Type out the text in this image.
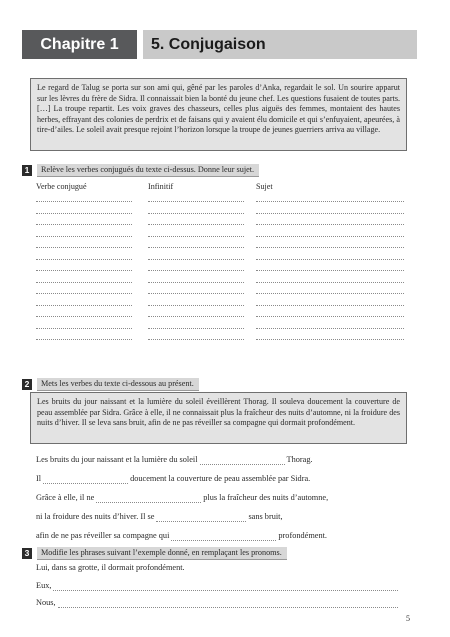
Chapitre 1	5. Conjugaison

Le regard de Talug se porta sur son ami qui, gêné par les paroles d’Anka, regardait le sol. Un sourire apparut sur les lèvres du frère de Sidra. Il connaissait bien la bonté du jeune chef. Les questions fusaient de toutes parts. […] La troupe repartit. Les voix graves des chasseurs, celles plus aiguës des femmes, montaient des hautes herbes, effrayant des colonies de perdrix et de faisans qui y avaient élu domicile et qui s’enfuyaient, apeurées, à tire-d’ailes. Le soleil avait presque rejoint l’horizon lorsque la troupe de jeunes guerriers arriva au village.

1	Relève les verbes conjugués du texte ci-dessus. Donne leur sujet.
Verbe conjugué	Infinitif	Sujet
2	Mets les verbes du texte ci-dessous au présent.

Les bruits du jour naissant et la lumière du soleil éveillèrent Thorag. Il souleva doucement la couverture de peau assemblée par Sidra. Grâce à elle, il ne connaissait plus la fraîcheur des nuits d’automne, ni la froidure des nuits d’hiver. Il se leva sans bruit, afin de ne pas réveiller sa compagne qui dormait profondément.

Les bruits du jour naissant et la lumière du soleil	Thorag.
Il	doucement la couverture de peau assemblée par Sidra.
Grâce à elle, il ne	plus la fraîcheur des nuits d’automne,
ni la froidure des nuits d’hiver. Il se	sans bruit,
afin de ne pas réveiller sa compagne qui	profondément.
3	Modifie les phrases suivant l’exemple donné, en remplaçant les pronoms.
Lui, dans sa grotte, il dormait profondément.
Eux,
Nous,
5
